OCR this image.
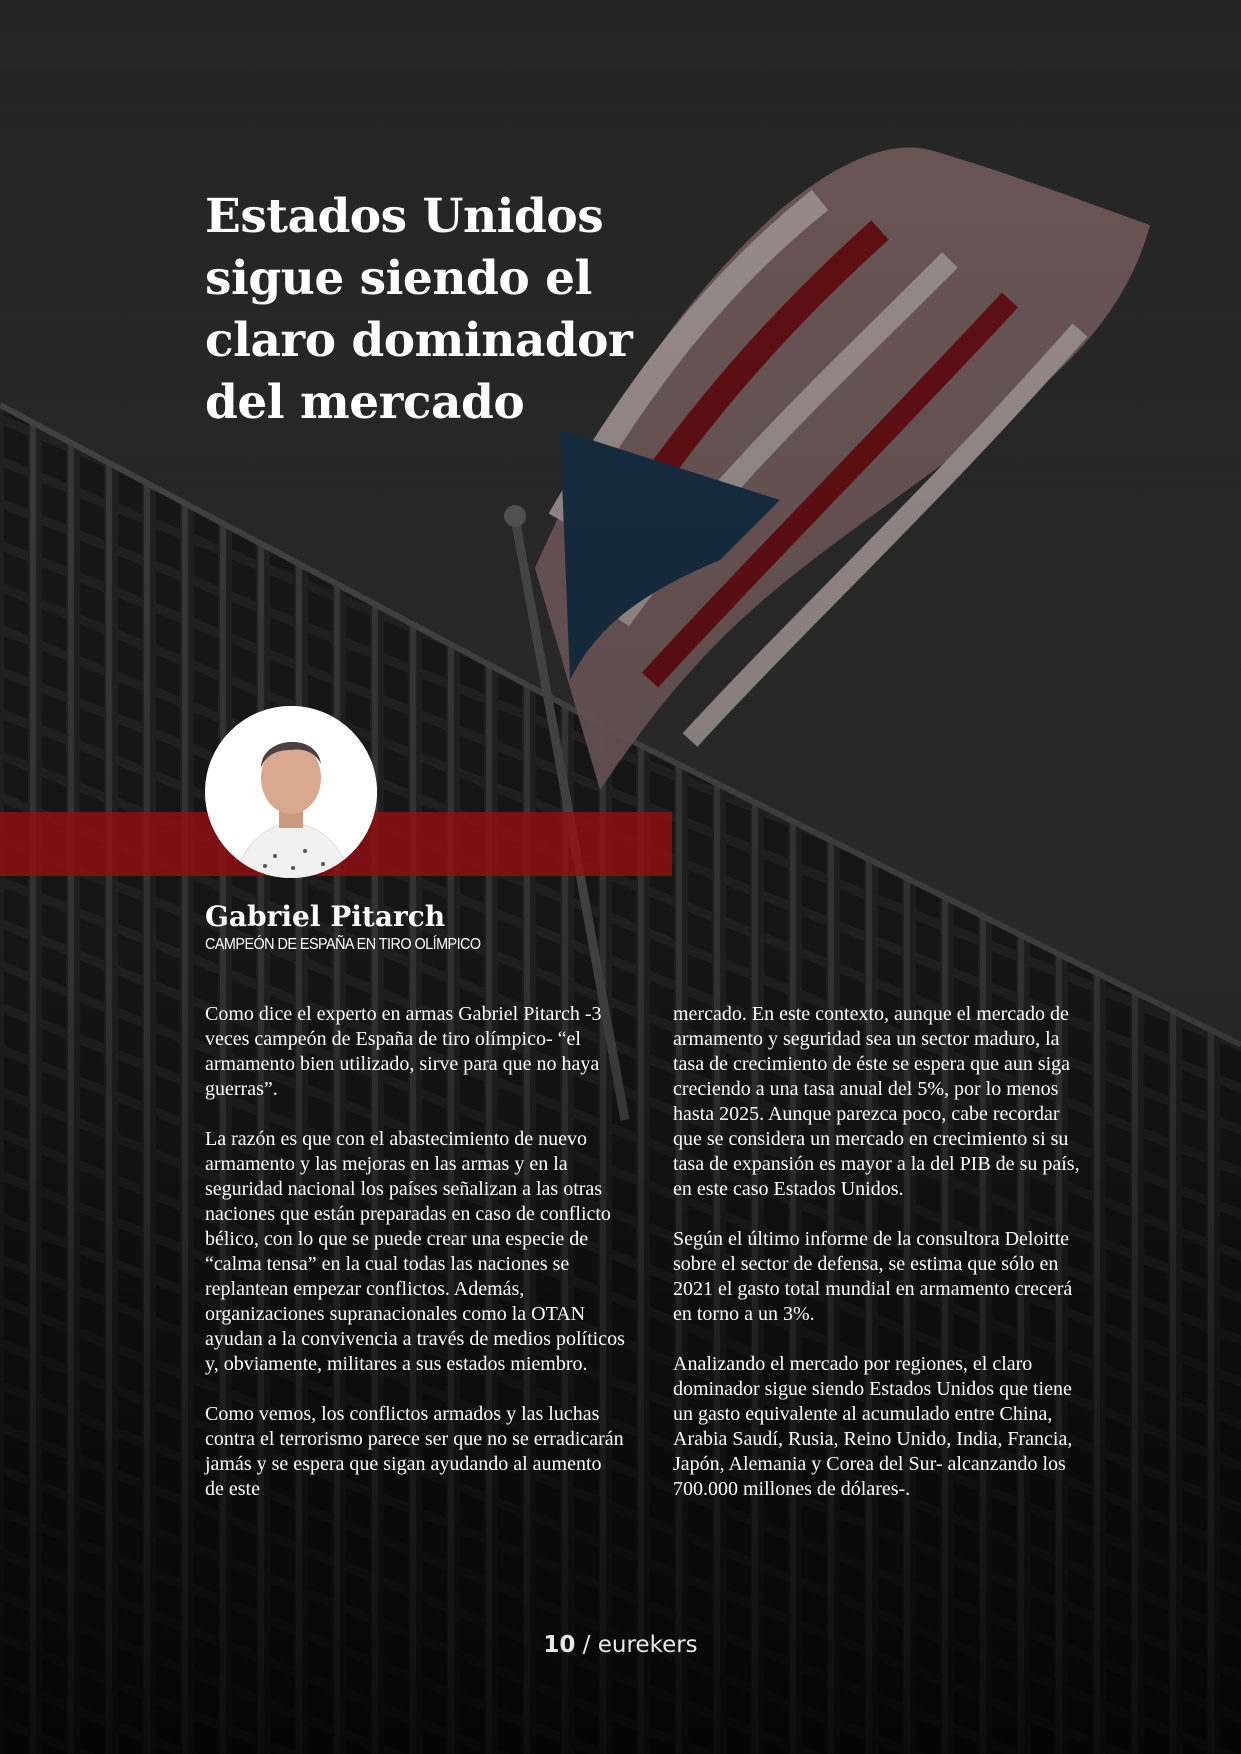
Estados Unidos
sigue siendo el
claro dominador
del mercado
Gabriel Pitarch
CAMPEÓN DE ESPAÑA EN TIRO OLÍMPICO

Como dice el experto en armas Gabriel Pitarch -3 veces campeón de España de tiro olímpico- “el armamento bien utilizado, sirve para que no haya guerras”.

La razón es que con el abastecimiento de nuevo armamento y las mejoras en las armas y en la seguridad nacional los países señalizan a las otras naciones que están preparadas en caso de conflicto bélico, con lo que se puede crear una especie de “calma tensa” en la cual todas las naciones se replantean empezar conflictos. Además, organizaciones supranacionales como la OTAN ayudan a la convivencia a través de medios políticos y, obviamente, militares a sus estados miembro.

Como vemos, los conflictos armados y las luchas contra el terrorismo parece ser que no se erradicarán jamás y se espera que sigan ayudando al aumento de este

mercado. En este contexto, aunque el mercado de armamento y seguridad sea un sector maduro, la tasa de crecimiento de éste se espera que aun siga creciendo a una tasa anual del 5%, por lo menos hasta 2025. Aunque parezca poco, cabe recordar que se considera un mercado en crecimiento si su tasa de expansión es mayor a la del PIB de su país, en este caso Estados Unidos.

Según el último informe de la consultora Deloitte sobre el sector de defensa, se estima que sólo en 2021 el gasto total mundial en armamento crecerá en torno a un 3%.

Analizando el mercado por regiones, el claro dominador sigue siendo Estados Unidos que tiene un gasto equivalente al acumulado entre China, Arabia Saudí, Rusia, Reino Unido, India, Francia, Japón, Alemania y Corea del Sur- alcanzando los 700.000 millones de dólares-.

10 / eurekers
